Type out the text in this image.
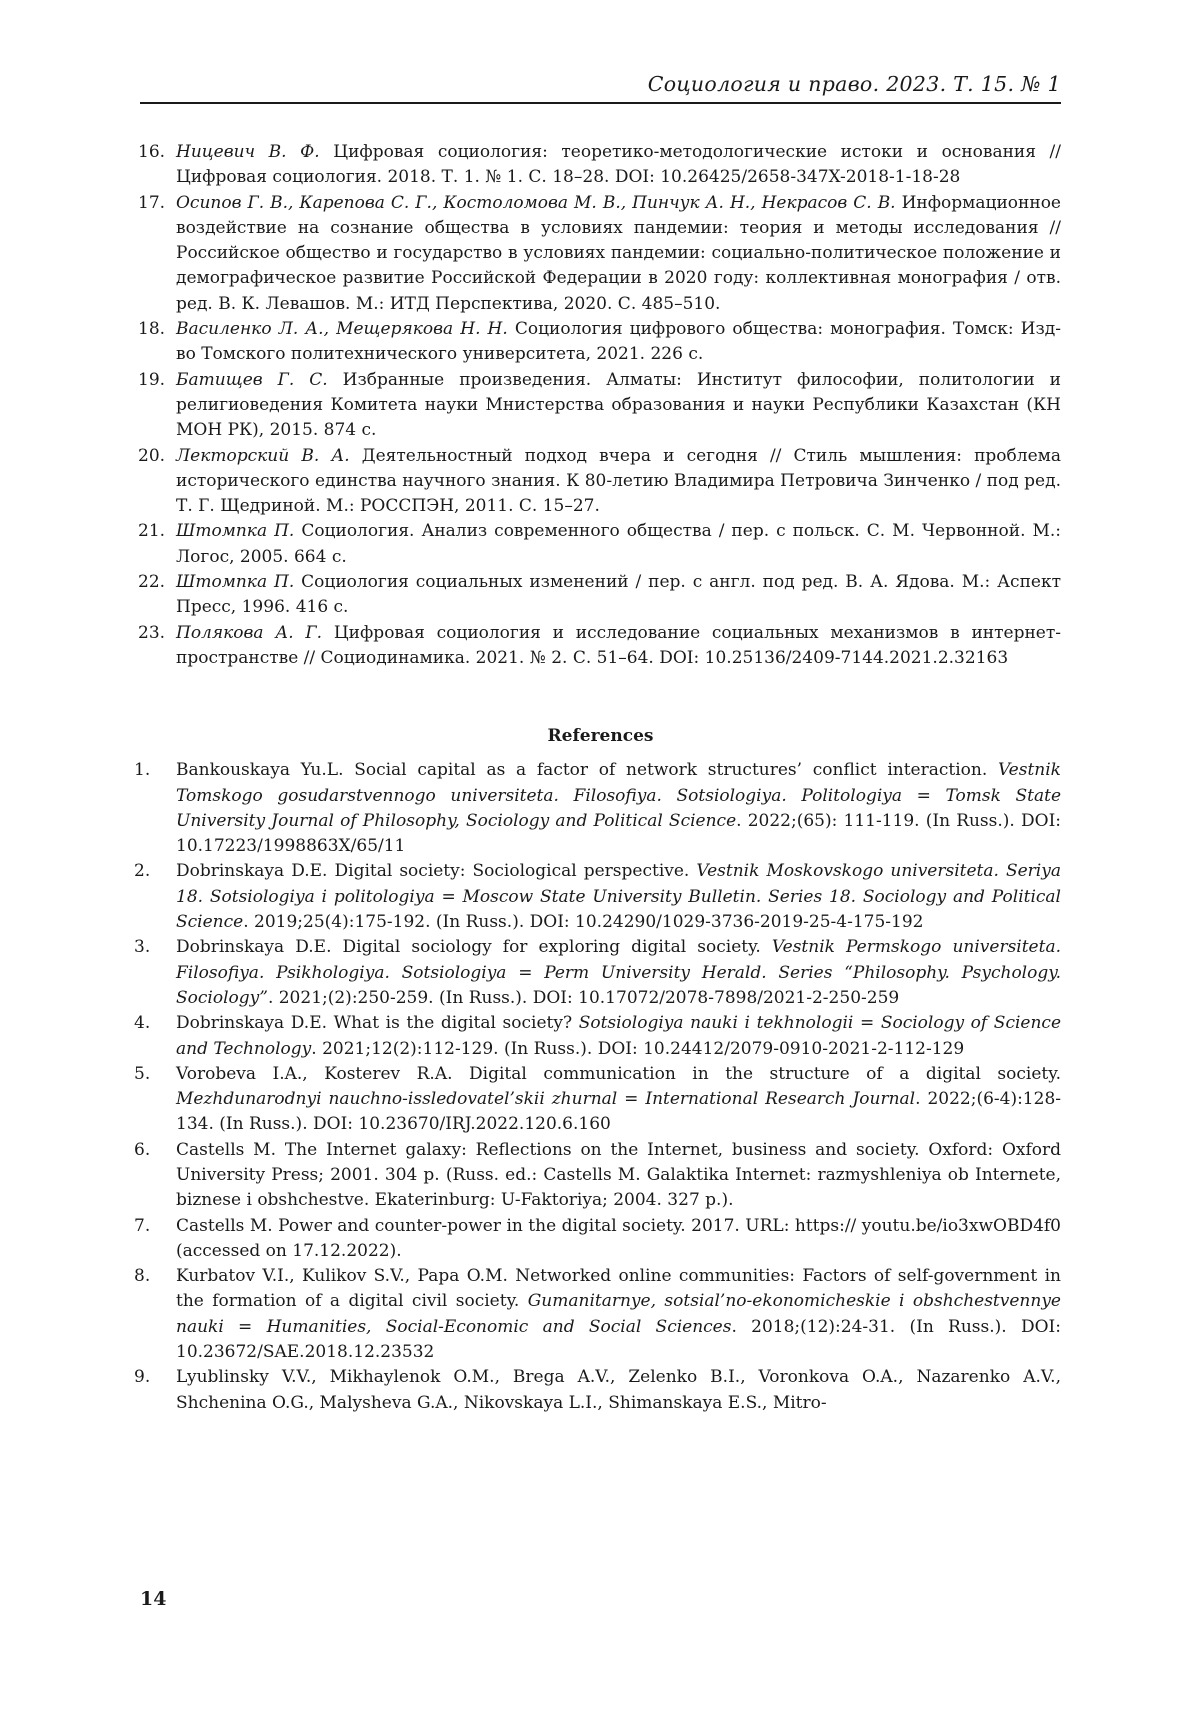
Социология и право. 2023. Т. 15. № 1
16. Ницевич В. Ф. Цифровая социология: теоретико-методологические истоки и основания // Цифровая социология. 2018. Т. 1. № 1. С. 18–28. DOI: 10.26425/2658-347X-2018-1-18-28
17. Осипов Г. В., Карепова С. Г., Костоломова М. В., Пинчук А. Н., Некрасов С. В. Информационное воздействие на сознание общества в условиях пандемии: теория и методы исследования // Российское общество и государство в условиях пандемии: социально-политическое положение и демографическое развитие Российской Федерации в 2020 году: коллективная монография / отв. ред. В. К. Левашов. М.: ИТД Перспектива, 2020. С. 485–510.
18. Василенко Л. А., Мещерякова Н. Н. Социология цифрового общества: монография. Томск: Изд-во Томского политехнического университета, 2021. 226 с.
19. Батищев Г. С. Избранные произведения. Алматы: Институт философии, политологии и религиоведения Комитета науки Мнистерства образования и науки Республики Казахстан (КН МОН РК), 2015. 874 с.
20. Лекторский В. А. Деятельностный подход вчера и сегодня // Стиль мышления: проблема исторического единства научного знания. К 80-летию Владимира Петровича Зинченко / под ред. Т. Г. Щедриной. М.: РОССПЭН, 2011. С. 15–27.
21. Штомпка П. Социология. Анализ современного общества / пер. с польск. С. М. Червонной. М.: Логос, 2005. 664 с.
22. Штомпка П. Социология социальных изменений / пер. с англ. под ред. В. А. Ядова. М.: Аспект Пресс, 1996. 416 с.
23. Полякова А. Г. Цифровая социология и исследование социальных механизмов в интернет-пространстве // Социодинамика. 2021. № 2. С. 51–64. DOI: 10.25136/2409-7144.2021.2.32163
References
1.	Bankouskaya Yu.L. Social capital as a factor of network structures’ conflict interaction. Vestnik Tomskogo gosudarstvennogo universiteta. Filosofiya. Sotsiologiya. Politologiya = Tomsk State University Journal of Philosophy, Sociology and Political Science. 2022;(65): 111-119. (In Russ.). DOI: 10.17223/1998863X/65/11
2.	Dobrinskaya D.E. Digital society: Sociological perspective. Vestnik Moskovskogo universiteta. Seriya 18. Sotsiologiya i politologiya = Moscow State University Bulletin. Series 18. Sociology and Political Science. 2019;25(4):175-192. (In Russ.). DOI: 10.24290/1029-3736-2019-25-4-175-192
3.	Dobrinskaya D.E. Digital sociology for exploring digital society. Vestnik Permskogo universiteta. Filosofiya. Psikhologiya. Sotsiologiya = Perm University Herald. Series “Philosophy. Psychology. Sociology”. 2021;(2):250-259. (In Russ.). DOI: 10.17072/2078-7898/2021-2-250-259
4.	Dobrinskaya D.E. What is the digital society? Sotsiologiya nauki i tekhnologii = Sociology of Science and Technology. 2021;12(2):112-129. (In Russ.). DOI: 10.24412/2079-0910-2021-2-112-129
5.	Vorobeva I.A., Kosterev R.A. Digital communication in the structure of a digital society. Mezhdunarodnyi nauchno-issledovatel’skii zhurnal = International Research Journal. 2022;(6-4):128-134. (In Russ.). DOI: 10.23670/IRJ.2022.120.6.160
6.	Castells M. The Internet galaxy: Reflections on the Internet, business and society. Oxford: Oxford University Press; 2001. 304 p. (Russ. ed.: Castells M. Galaktika Internet: razmyshleniya ob Internete, biznese i obshchestve. Ekaterinburg: U-Faktoriya; 2004. 327 p.).
7.	Castells M. Power and counter-power in the digital society. 2017. URL: https:// youtu.be/io3xwOBD4f0 (accessed on 17.12.2022).
8.	Kurbatov V.I., Kulikov S.V., Papa O.M. Networked online communities: Factors of self-government in the formation of a digital civil society. Gumanitarnye, sotsial’no-ekonomicheskie i obshchestvennye nauki = Humanities, Social-Economic and Social Sciences. 2018;(12):24-31. (In Russ.). DOI: 10.23672/SAE.2018.12.23532
9.	Lyublinsky V.V., Mikhaylenok O.M., Brega A.V., Zelenko B.I., Voronkova O.A., Nazarenko A.V., Shchenina O.G., Malysheva G.A., Nikovskaya L.I., Shimanskaya E.S., Mitro-
14
